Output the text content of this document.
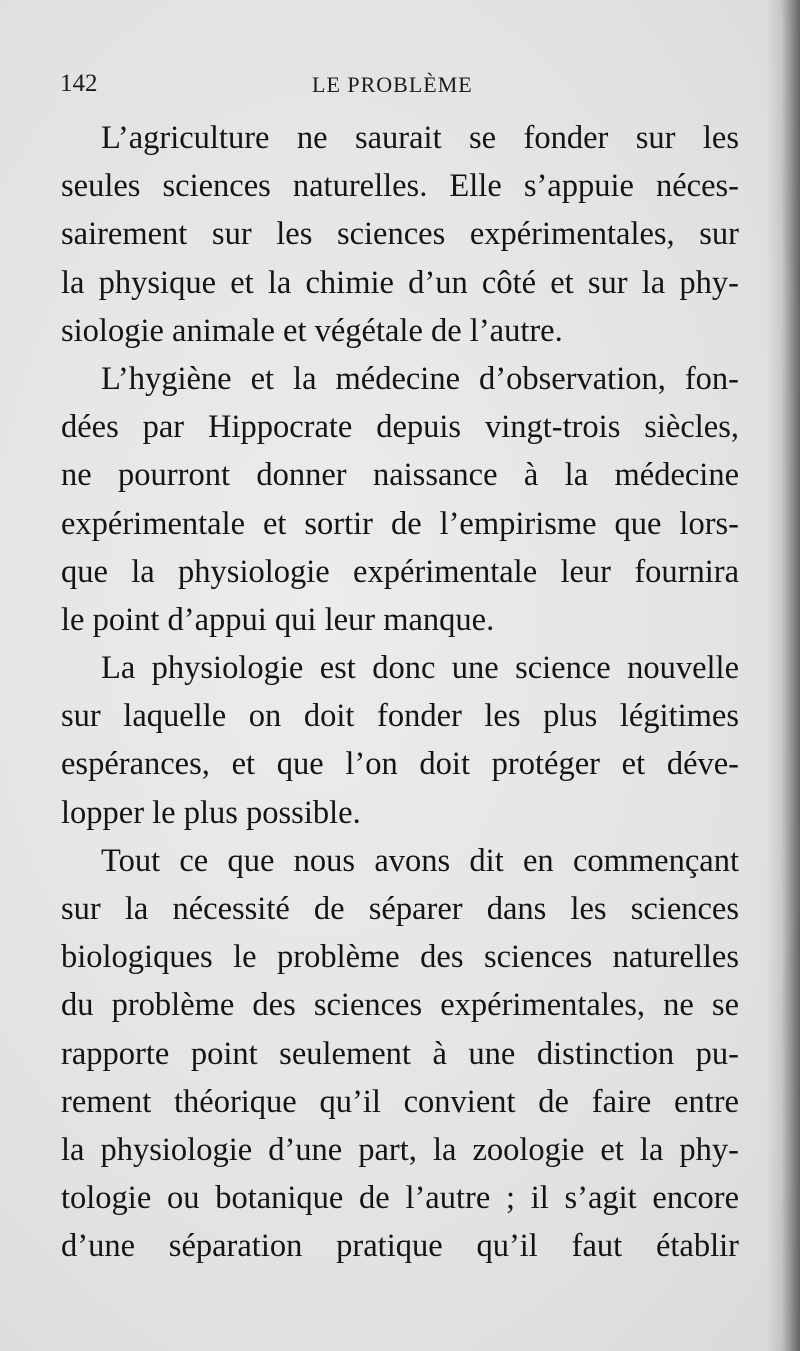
142	LE PROBLÈME
L’agriculture ne saurait se fonder sur les
seules sciences naturelles. Elle s’appuie néces-
sairement sur les sciences expérimentales, sur
la physique et la chimie d’un côté et sur la phy-
siologie animale et végétale de l’autre.
L’hygiène et la médecine d’observation, fon-
dées par Hippocrate depuis vingt-trois siècles,
ne pourront donner naissance à la médecine
expérimentale et sortir de l’empirisme que lors-
que la physiologie expérimentale leur fournira
le point d’appui qui leur manque.
La physiologie est donc une science nouvelle
sur laquelle on doit fonder les plus légitimes
espérances, et que l’on doit protéger et déve-
lopper le plus possible.
Tout ce que nous avons dit en commençant
sur la nécessité de séparer dans les sciences
biologiques le problème des sciences naturelles
du problème des sciences expérimentales, ne se
rapporte point seulement à une distinction pu-
rement théorique qu’il convient de faire entre
la physiologie d’une part, la zoologie et la phy-
tologie ou botanique de l’autre ; il s’agit encore
d’une séparation pratique qu’il faut établir
